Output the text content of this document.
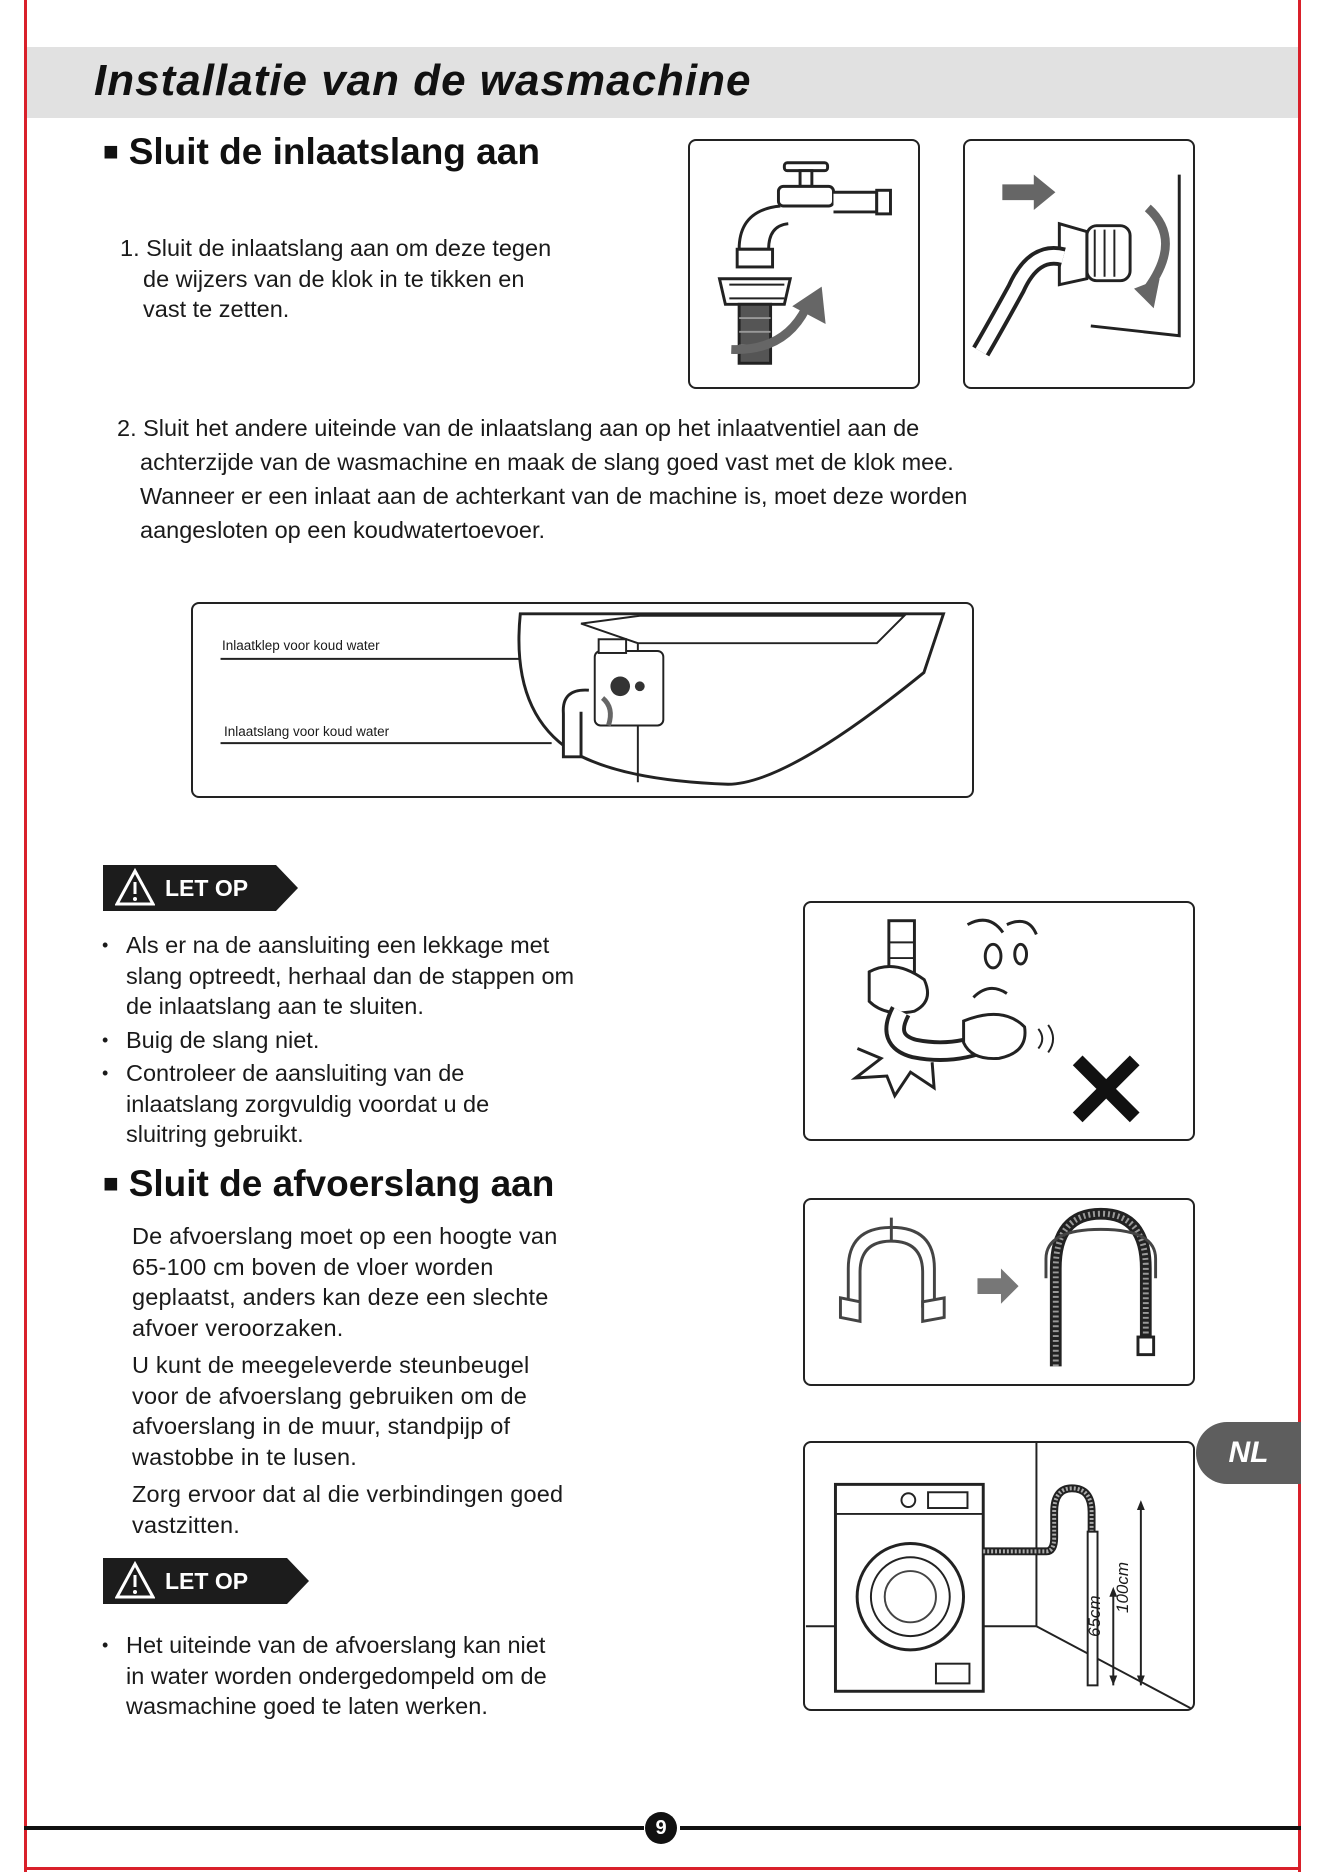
Installatie van de wasmachine
■ Sluit de inlaatslang aan
1. Sluit de inlaatslang aan om deze tegen
de wijzers van de klok in te tikken en
vast te zetten.
2. Sluit het andere uiteinde van de inlaatslang aan op het inlaatventiel aan de
achterzijde van de wasmachine en maak de slang goed vast met de klok mee.
Wanneer er een inlaat aan de achterkant van de machine is, moet deze worden
aangesloten op een koudwatertoevoer.
Inlaatklep voor koud water
Inlaatslang voor koud water
LET OP
• Als er na de aansluiting een lekkage met
slang optreedt, herhaal dan de stappen om
de inlaatslang aan te sluiten.
• Buig de slang niet.
• Controleer de aansluiting van de
inlaatslang zorgvuldig voordat u de
sluitring gebruikt.
■ Sluit de afvoerslang aan
De afvoerslang moet op een hoogte van
65-100 cm boven de vloer worden
geplaatst, anders kan deze een slechte
afvoer veroorzaken.
U kunt de meegeleverde steunbeugel
voor de afvoerslang gebruiken om de
afvoerslang in de muur, standpijp of
wastobbe in te lusen.
Zorg ervoor dat al die verbindingen goed
vastzitten.
65cm
100cm
LET OP
• Het uiteinde van de afvoerslang kan niet
in water worden ondergedompeld om de
wasmachine goed te laten werken.
NL
9
